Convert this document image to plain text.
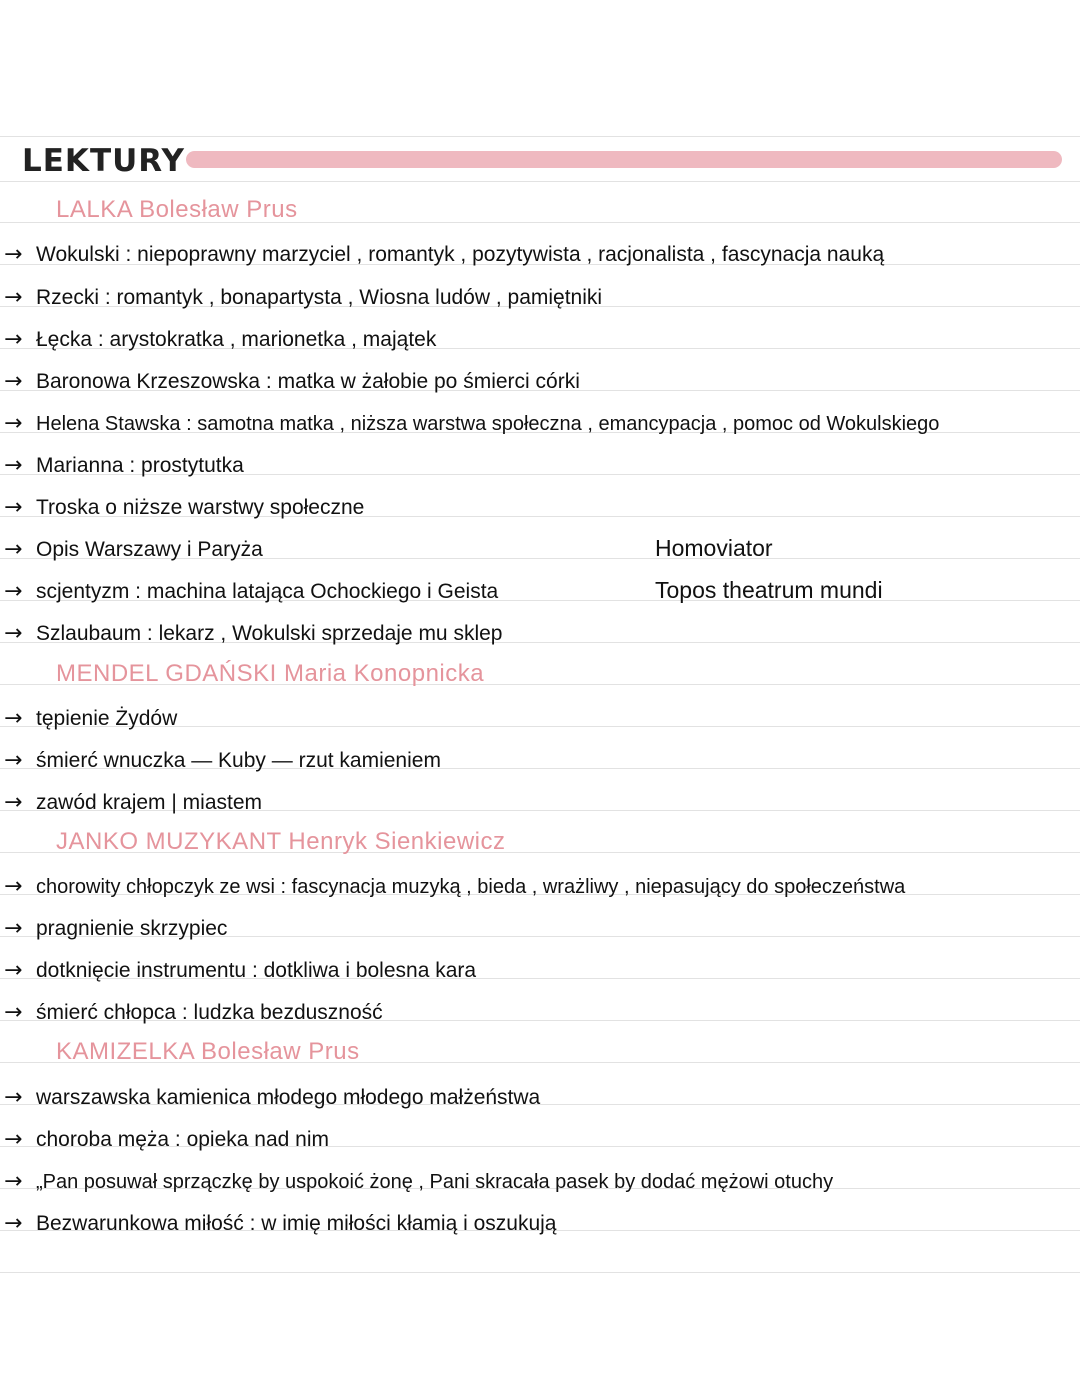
LEKTURY
LALKA Bolesław Prus
→ Wokulski : niepoprawny marzyciel , romantyk , pozytywista , racjonalista , fascynacja nauką
→ Rzecki : romantyk , bonapartysta , Wiosna ludów , pamiętniki
→ Łęcka : arystokratka , marionetka , majątek
→ Baronowa Krzeszowska : matka w żałobie po śmierci córki
→ Helena Stawska : samotna matka , niższa warstwa społeczna , emancypacja , pomoc od Wokulskiego
→ Marianna : prostytutka
→ Troska o niższe warstwy społeczne
→ Opis Warszawy i Paryża
→ scjentyzm : machina latająca Ochockiego i Geista
→ Szlaubaum : lekarz , Wokulski sprzedaje mu sklep
Homoviator
Topos theatrum mundi
MENDEL GDAŃSKI Maria Konopnicka
→ tępienie Żydów
→ śmierć wnuczka — Kuby — rzut kamieniem
→ zawód krajem | miastem
JANKO MUZYKANT Henryk Sienkiewicz
→ chorowity chłopczyk ze wsi : fascynacja muzyką , bieda , wrażliwy , niepasujący do społeczeństwa
→ pragnienie skrzypiec
→ dotknięcie instrumentu : dotkliwa i bolesna kara
→ śmierć chłopca : ludzka bezduszność
KAMIZELKA Bolesław Prus
→ warszawska kamienica młodego młodego małżeństwa
→ choroba męża : opieka nad nim
→ „Pan posuwał sprzączkę by uspokoić żonę , Pani skracała pasek by dodać mężowi otuchy
→ Bezwarunkowa miłość : w imię miłości kłamią i oszukują
